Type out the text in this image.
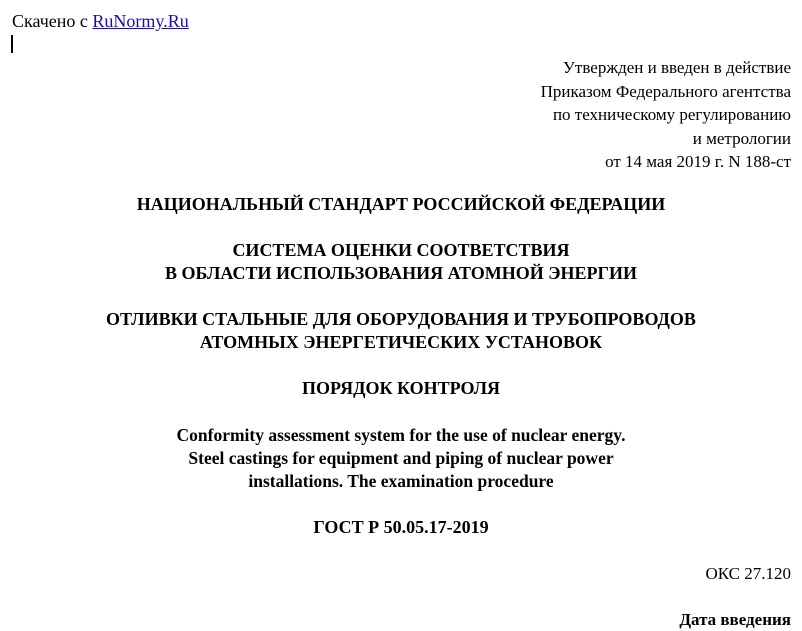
Скачено с RuNormy.Ru
Утвержден и введен в действие
Приказом Федерального агентства
по техническому регулированию
и метрологии
от 14 мая 2019 г. N 188-ст
НАЦИОНАЛЬНЫЙ СТАНДАРТ РОССИЙСКОЙ ФЕДЕРАЦИИ
СИСТЕМА ОЦЕНКИ СООТВЕТСТВИЯ
В ОБЛАСТИ ИСПОЛЬЗОВАНИЯ АТОМНОЙ ЭНЕРГИИ
ОТЛИВКИ СТАЛЬНЫЕ ДЛЯ ОБОРУДОВАНИЯ И ТРУБОПРОВОДОВ
АТОМНЫХ ЭНЕРГЕТИЧЕСКИХ УСТАНОВОК
ПОРЯДОК КОНТРОЛЯ
Conformity assessment system for the use of nuclear energy.
Steel castings for equipment and piping of nuclear power
installations. The examination procedure
ГОСТ Р 50.05.17-2019
ОКС 27.120
Дата введения
